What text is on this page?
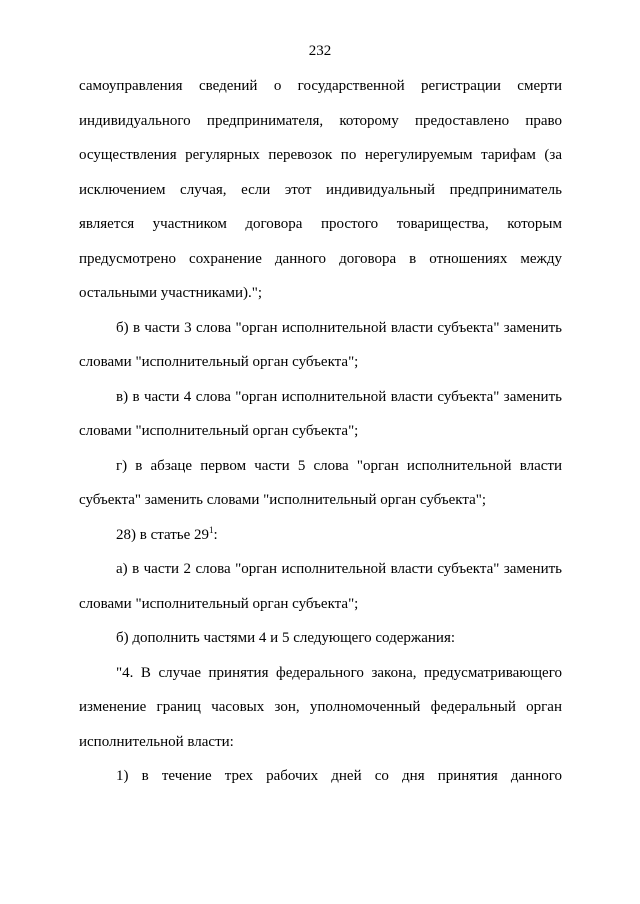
232
самоуправления сведений о государственной регистрации смерти
индивидуального предпринимателя, которому предоставлено право
осуществления регулярных перевозок по нерегулируемым тарифам (за
исключением случая, если этот индивидуальный предприниматель
является участником договора простого товарищества, которым
предусмотрено сохранение данного договора в отношениях между
остальными участниками).";
б) в части 3 слова "орган исполнительной власти субъекта" заменить
словами "исполнительный орган субъекта";
в) в части 4 слова "орган исполнительной власти субъекта" заменить
словами "исполнительный орган субъекта";
г) в абзаце первом части 5 слова "орган исполнительной власти
субъекта" заменить словами "исполнительный орган субъекта";
28) в статье $29^1$:
а) в части 2 слова "орган исполнительной власти субъекта" заменить
словами "исполнительный орган субъекта";
б) дополнить частями 4 и 5 следующего содержания:
"4. В случае принятия федерального закона, предусматривающего
изменение границ часовых зон, уполномоченный федеральный орган
исполнительной власти:
1) в течение трех рабочих дней со дня принятия данного
